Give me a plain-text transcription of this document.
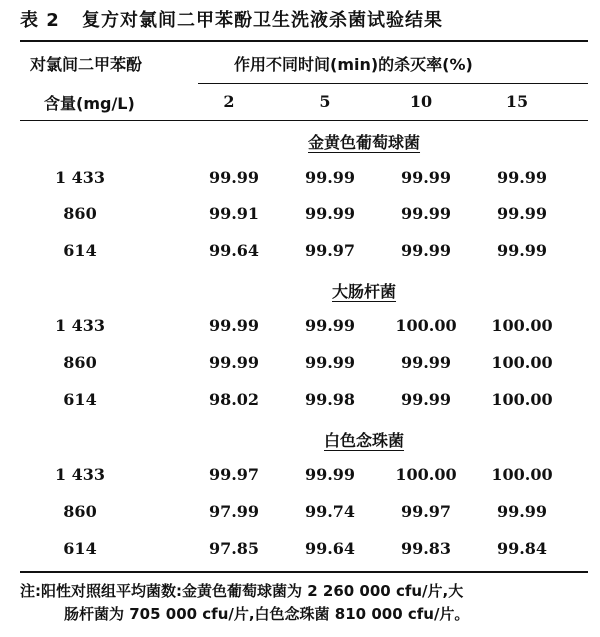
表 2 复方对氯间二甲苯酚卫生洗液杀菌试验结果
对氯间二甲苯酚
含量(mg/L)
作用不同时间(min)的杀灭率(%)
2	5	10	15
金黄色葡萄球菌
1 433	99.99	99.99	99.99	99.99
860	99.91	99.99	99.99	99.99
614	99.64	99.97	99.99	99.99
大肠杆菌
1 433	99.99	99.99	100.00	100.00
860	99.99	99.99	99.99	100.00
614	98.02	99.98	99.99	100.00
白色念珠菌
1 433	99.97	99.99	100.00	100.00
860	97.99	99.74	99.97	99.99
614	97.85	99.64	99.83	99.84
注:阳性对照组平均菌数:金黄色葡萄球菌为 2 260 000 cfu/片,大
肠杆菌为 705 000 cfu/片,白色念珠菌 810 000 cfu/片。
